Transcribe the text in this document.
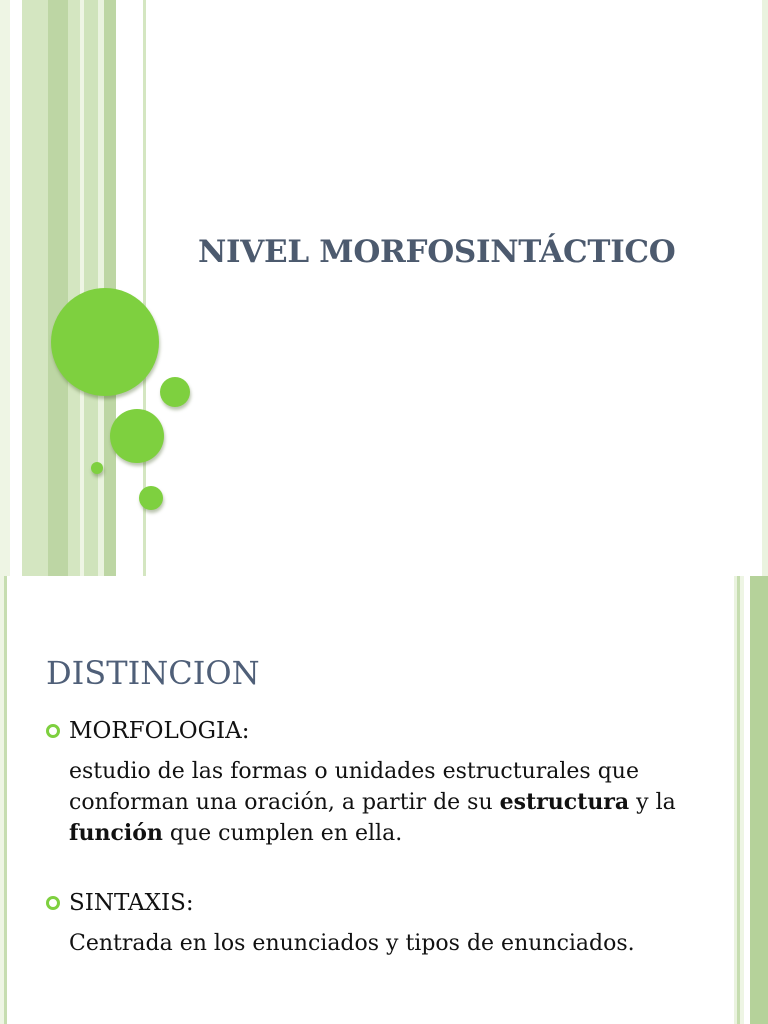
NIVEL MORFOSINTÁCTICO
DISTINCION
MORFOLOGIA:
estudio de las formas o unidades estructurales que conforman una oración, a partir de su estructura y la función que cumplen en ella.
SINTAXIS:
Centrada en los enunciados y tipos de enunciados.
